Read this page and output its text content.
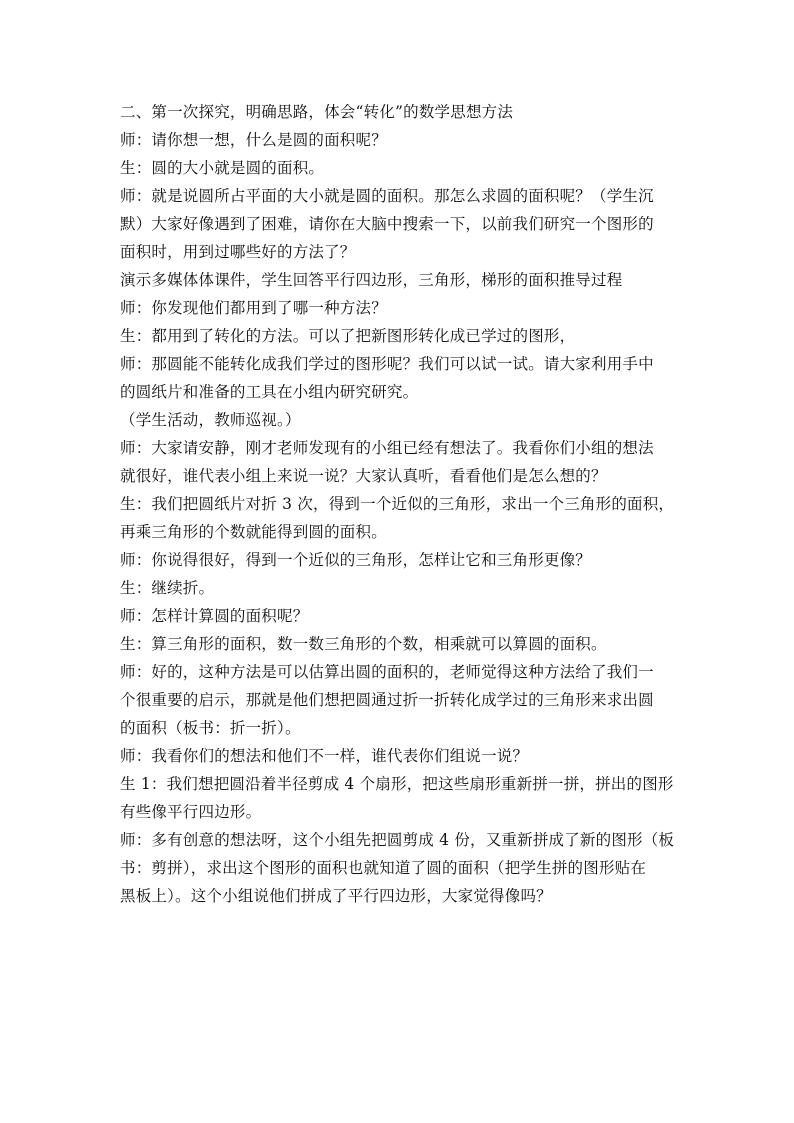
二、第一次探究，明确思路，体会“转化”的数学思想方法
师：请你想一想，什么是圆的面积呢？
生：圆的大小就是圆的面积。
师：就是说圆所占平面的大小就是圆的面积。那怎么求圆的面积呢？（学生沉
默）大家好像遇到了困难，请你在大脑中搜索一下，以前我们研究一个图形的
面积时，用到过哪些好的方法了？
演示多媒体体课件，学生回答平行四边形，三角形，梯形的面积推导过程
师：你发现他们都用到了哪一种方法？
生：都用到了转化的方法。可以了把新图形转化成已学过的图形，
师：那圆能不能转化成我们学过的图形呢？我们可以试一试。请大家利用手中
的圆纸片和准备的工具在小组内研究研究。
（学生活动，教师巡视。）
师：大家请安静，刚才老师发现有的小组已经有想法了。我看你们小组的想法
就很好，谁代表小组上来说一说？大家认真听，看看他们是怎么想的？
生：我们把圆纸片对折 3 次，得到一个近似的三角形，求出一个三角形的面积，
再乘三角形的个数就能得到圆的面积。
师：你说得很好，得到一个近似的三角形，怎样让它和三角形更像？
生：继续折。
师：怎样计算圆的面积呢？
生：算三角形的面积，数一数三角形的个数，相乘就可以算圆的面积。
师：好的，这种方法是可以估算出圆的面积的，老师觉得这种方法给了我们一
个很重要的启示，那就是他们想把圆通过折一折转化成学过的三角形来求出圆
的面积（板书：折一折）。
师：我看你们的想法和他们不一样，谁代表你们组说一说？
生 1：我们想把圆沿着半径剪成 4 个扇形，把这些扇形重新拼一拼，拼出的图形
有些像平行四边形。
师：多有创意的想法呀，这个小组先把圆剪成 4 份，又重新拼成了新的图形（板
书：剪拼），求出这个图形的面积也就知道了圆的面积（把学生拼的图形贴在
黑板上）。这个小组说他们拼成了平行四边形，大家觉得像吗？
